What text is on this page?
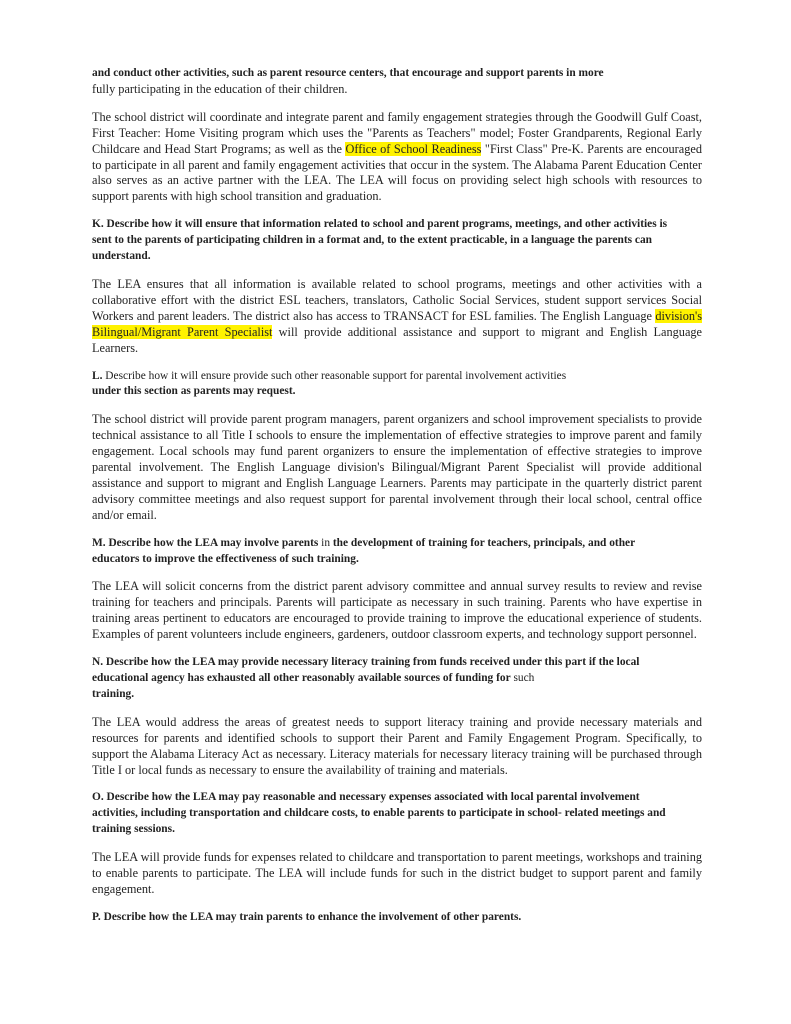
and conduct other activities, such as parent resource centers, that encourage and support parents in more

fully participating in the education of their children.

The school district will coordinate and integrate parent and family engagement strategies through the Goodwill Gulf Coast, First Teacher: Home Visiting program which uses the "Parents as Teachers" model; Foster Grandparents, Regional Early Childcare and Head Start Programs; as well as the Office of School Readiness "First Class" Pre-K. Parents are encouraged to participate in all parent and family engagement activities that occur in the system. The Alabama Parent Education Center also serves as an active partner with the LEA. The LEA will focus on providing select high schools with resources to support parents with high school transition and graduation.

K. Describe how it will ensure that information related to school and parent programs, meetings, and other activities is sent to the parents of participating children in a format and, to the extent practicable, in a language the parents can understand.

The LEA ensures that all information is available related to school programs, meetings and other activities with a collaborative effort with the district ESL teachers, translators, Catholic Social Services, student support services Social Workers and parent leaders. The district also has access to TRANSACT for ESL families. The English Language division's Bilingual/Migrant Parent Specialist will provide additional assistance and support to migrant and English Language Learners.

L. Describe how it will ensure provide such other reasonable support for parental involvement activities
under this section as parents may request.

The school district will provide parent program managers, parent organizers and school improvement specialists to provide technical assistance to all Title I schools to ensure the implementation of effective strategies to improve parent and family engagement. Local schools may fund parent organizers to ensure the implementation of effective strategies to improve parental involvement. The English Language division's Bilingual/Migrant Parent Specialist will provide additional assistance and support to migrant and English Language Learners. Parents may participate in the quarterly district parent advisory committee meetings and also request support for parental involvement through their local school, central office and/or email.

M. Describe how the LEA may involve parents in the development of training for teachers, principals, and other educators to improve the effectiveness of such training.

The LEA will solicit concerns from the district parent advisory committee and annual survey results to review and revise training for teachers and principals. Parents will participate as necessary in such training. Parents who have expertise in training areas pertinent to educators are encouraged to provide training to improve the educational experience of students. Examples of parent volunteers include engineers, gardeners, outdoor classroom experts, and technology support personnel.

N. Describe how the LEA may provide necessary literacy training from funds received under this part if the local educational agency has exhausted all other reasonably available sources of funding for such
training.

The LEA would address the areas of greatest needs to support literacy training and provide necessary materials and resources for parents and identified schools to support their Parent and Family Engagement Program. Specifically, to support the Alabama Literacy Act as necessary. Literacy materials for necessary literacy training will be purchased through Title I or local funds as necessary to ensure the availability of training and materials.

O. Describe how the LEA may pay reasonable and necessary expenses associated with local parental involvement activities, including transportation and childcare costs, to enable parents to participate in school- related meetings and training sessions.

The LEA will provide funds for expenses related to childcare and transportation to parent meetings, workshops and training to enable parents to participate. The LEA will include funds for such in the district budget to support parent and family engagement.

P. Describe how the LEA may train parents to enhance the involvement of other parents.
